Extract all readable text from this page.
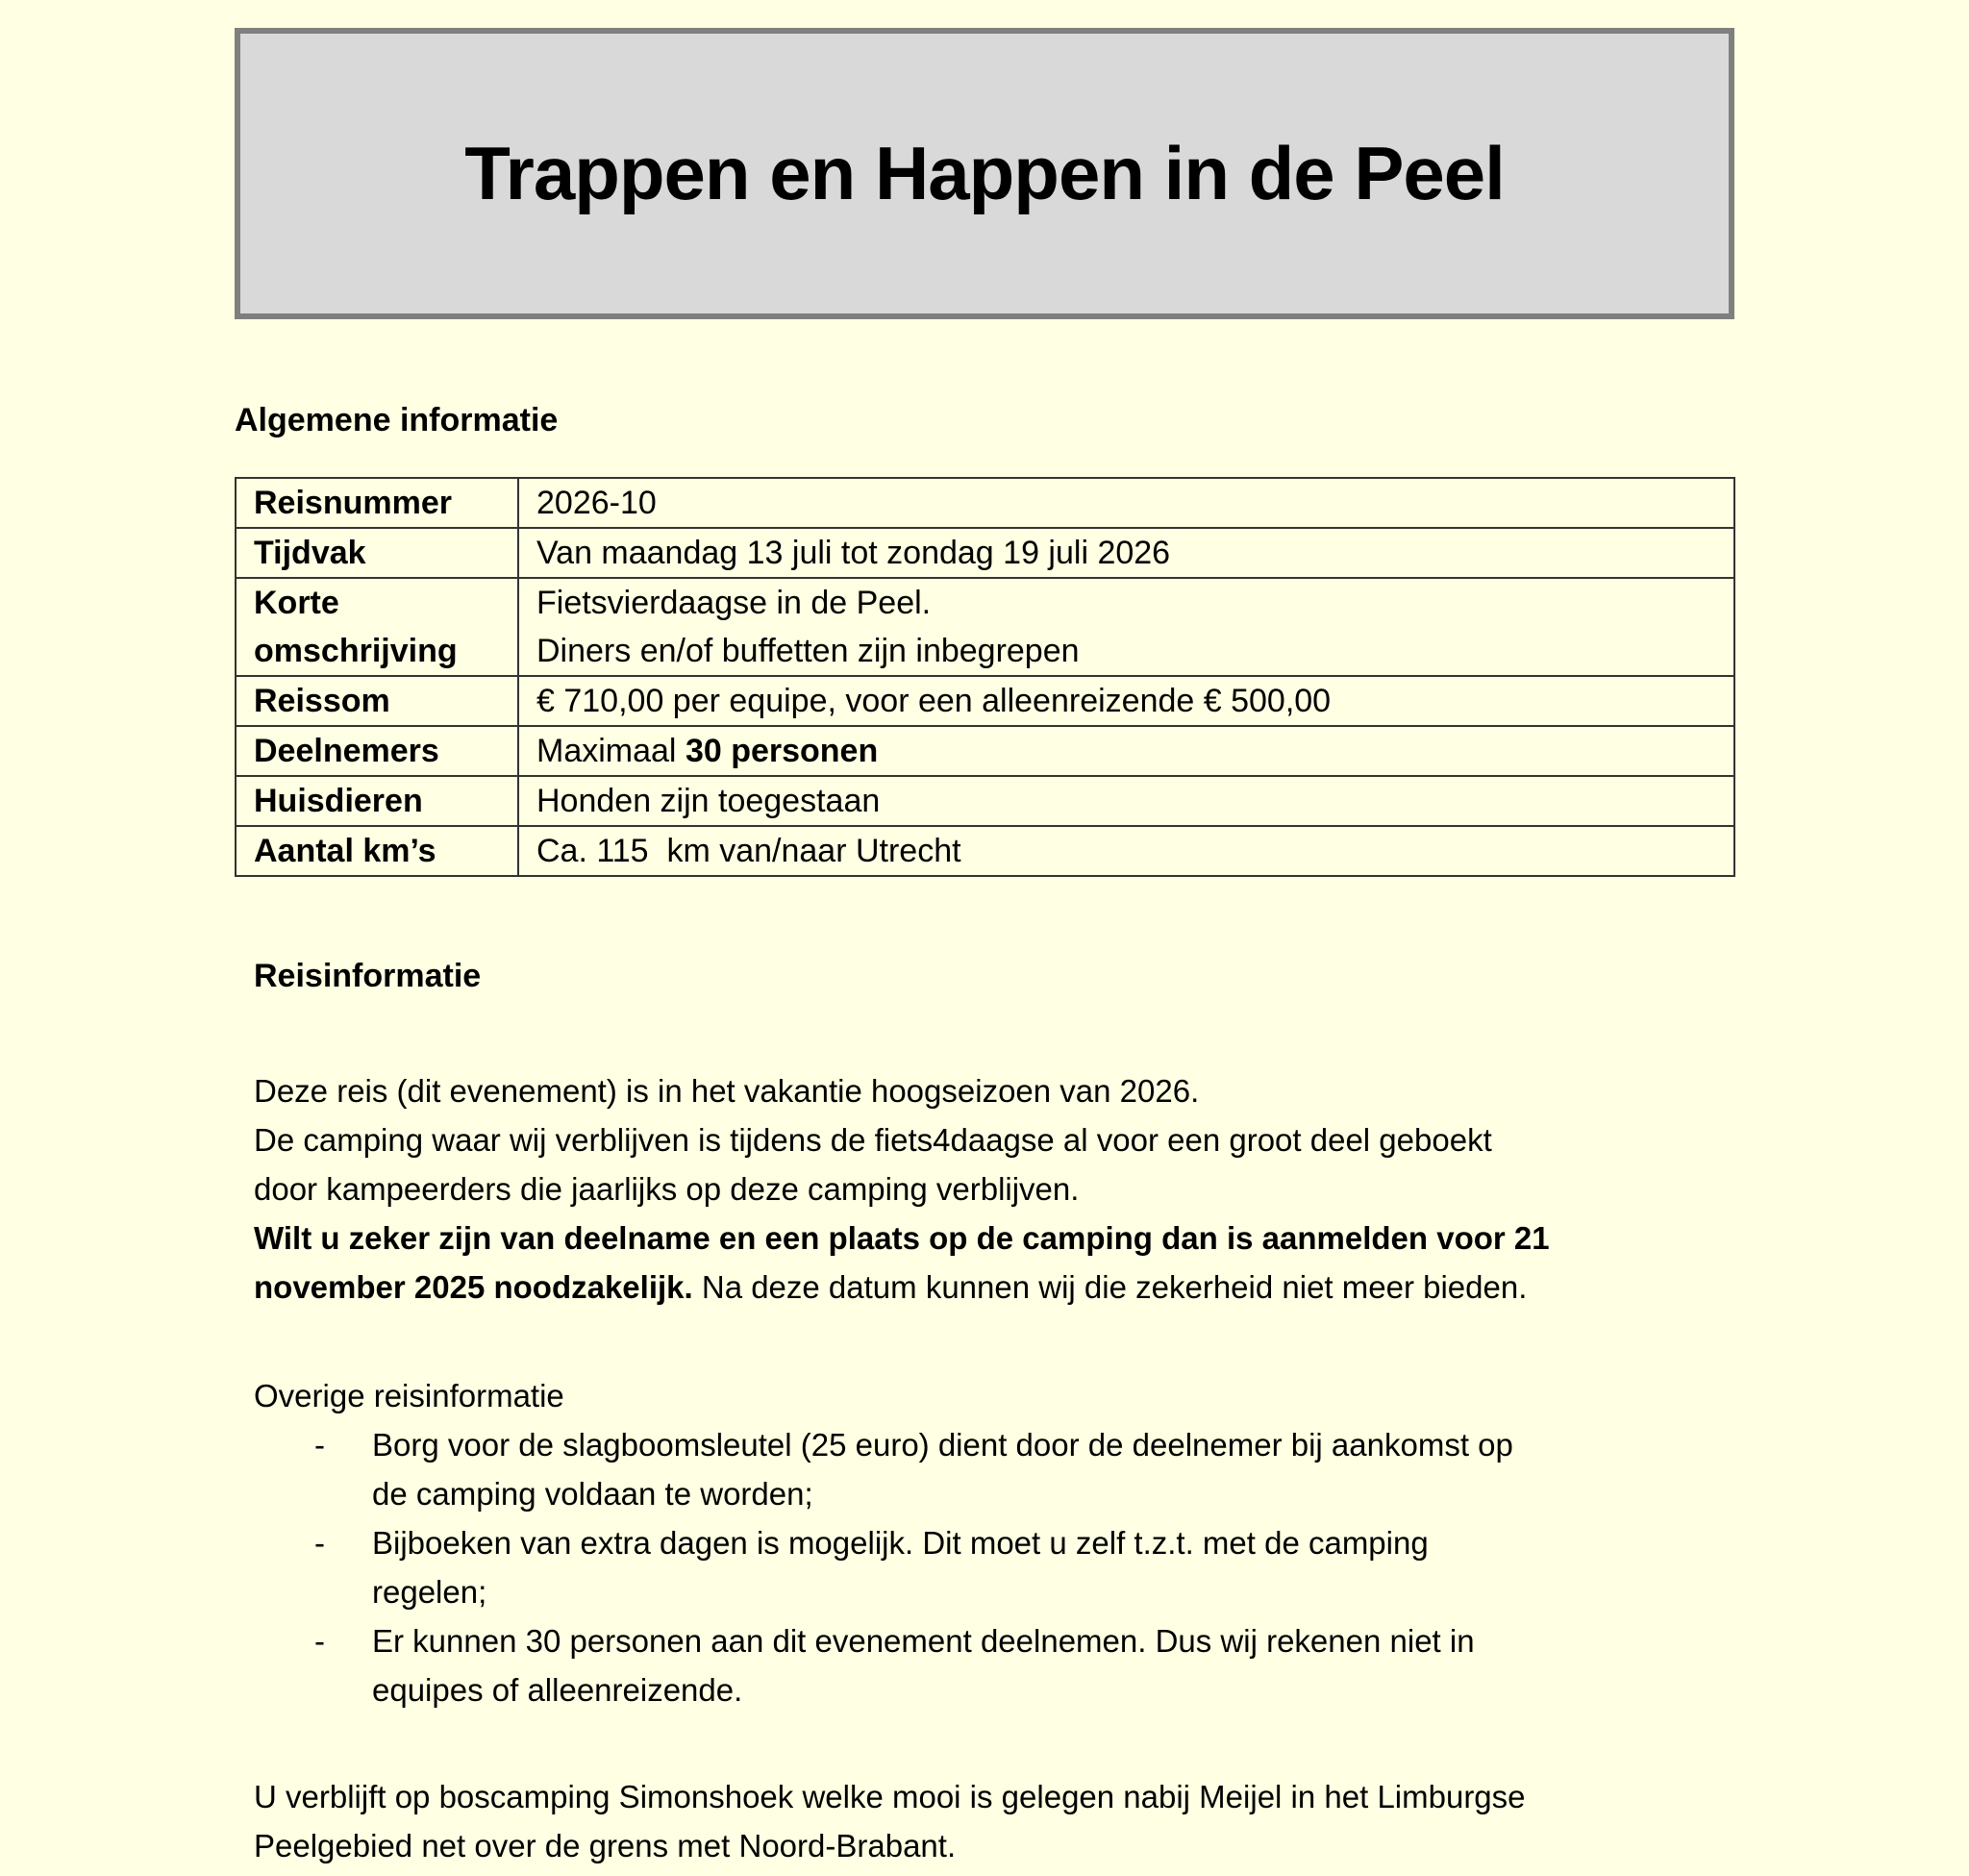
Trappen en Happen in de Peel
Algemene informatie
Reisnummer	2026-10
Tijdvak	Van maandag 13 juli tot zondag 19 juli 2026

Korte
omschrijving	Fietsvierdaagse in de Peel.
Diners en/of buffetten zijn inbegrepen

Reissom	€ 710,00 per equipe, voor een alleenreizende € 500,00
Deelnemers	Maximaal 30 personen
Huisdieren	Honden zijn toegestaan
Aantal km’s	Ca. 115  km van/naar Utrecht
Reisinformatie
Deze reis (dit evenement) is in het vakantie hoogseizoen van 2026.
De camping waar wij verblijven is tijdens de fiets4daagse al voor een groot deel geboekt
door kampeerders die jaarlijks op deze camping verblijven.
Wilt u zeker zijn van deelname en een plaats op de camping dan is aanmelden voor 21
november 2025 noodzakelijk. Na deze datum kunnen wij die zekerheid niet meer bieden.
Overige reisinformatie
- Borg voor de slagboomsleutel (25 euro) dient door de deelnemer bij aankomst op
de camping voldaan te worden;
- Bijboeken van extra dagen is mogelijk. Dit moet u zelf t.z.t. met de camping
regelen;
- Er kunnen 30 personen aan dit evenement deelnemen. Dus wij rekenen niet in
equipes of alleenreizende.
U verblijft op boscamping Simonshoek welke mooi is gelegen nabij Meijel in het Limburgse
Peelgebied net over de grens met Noord-Brabant.
